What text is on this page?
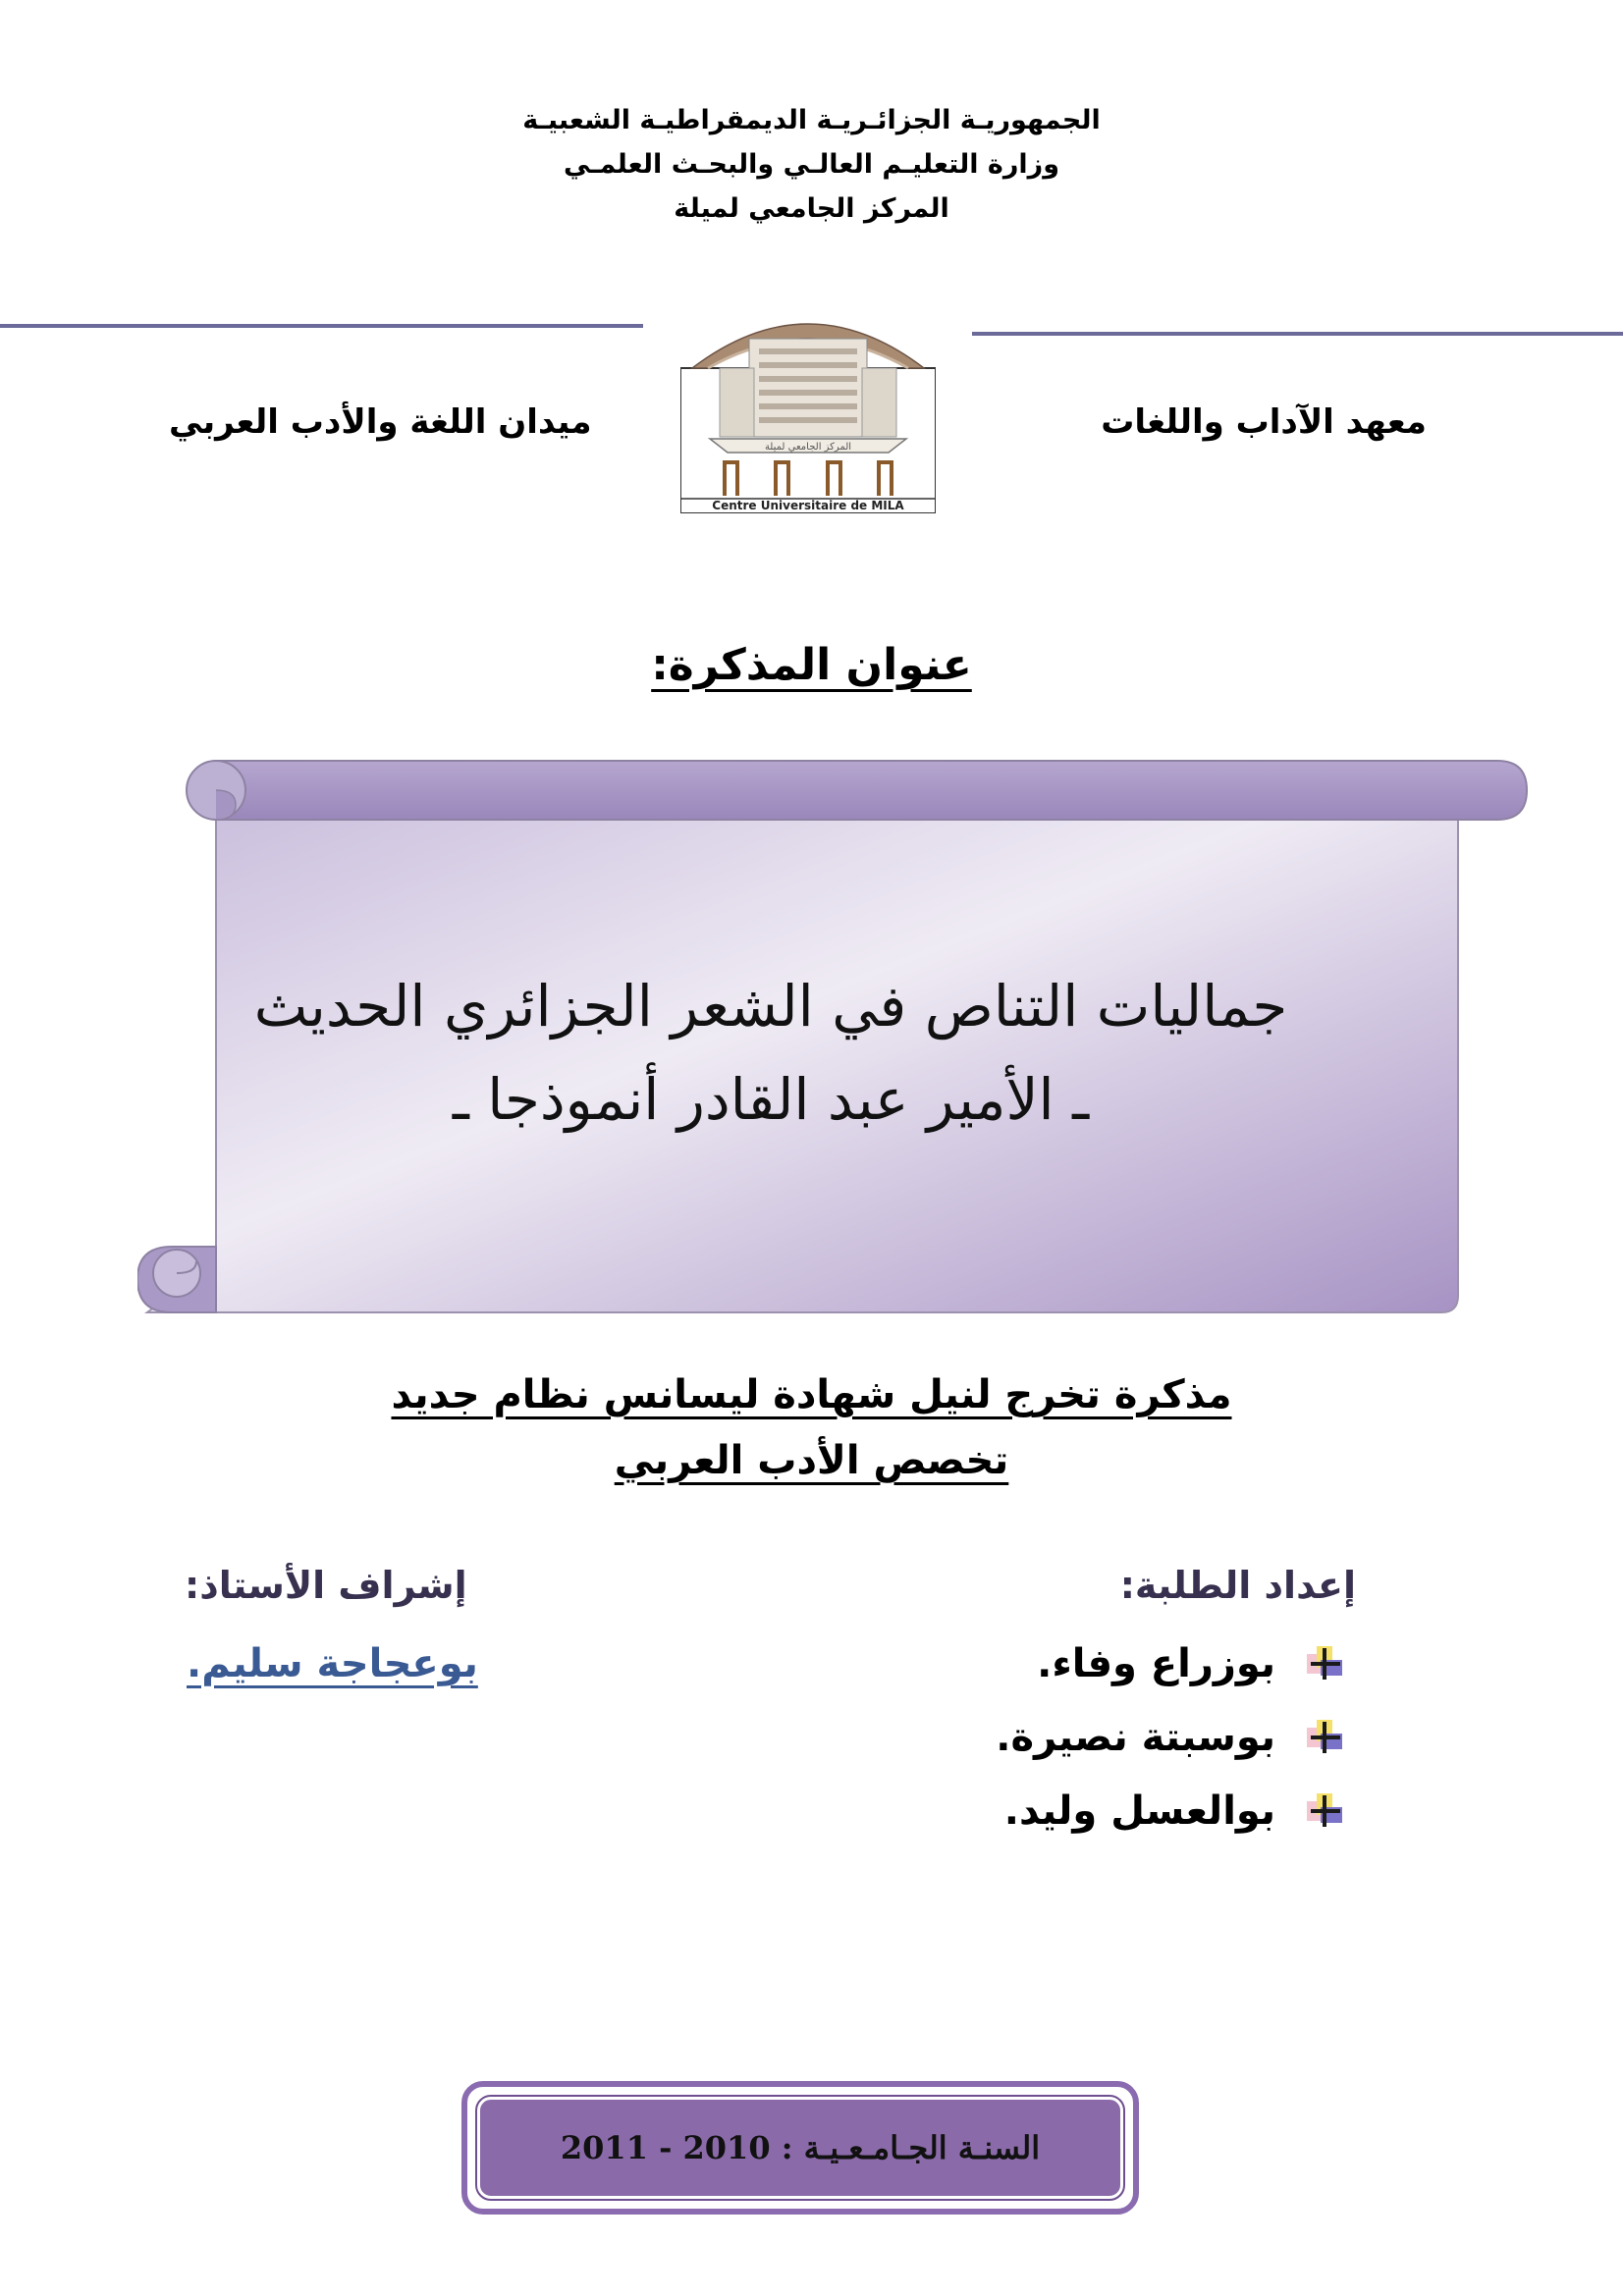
الجمهوريـة الجزائـريـة الديمقراطيـة الشعبيـة
وزارة التعليـم العالـي والبحـث العلمـي
المركز الجامعي لميلة
المركز الجامعي لميلة
Centre Universitaire de MILA
معهد الآداب واللغات
ميدان اللغة والأدب العربي
عنوان المذكرة:
جماليات التناص في الشعر الجزائري الحديث
ـ الأمير عبد القادر أنموذجا ـ
مذكرة تخرج لنيل شهادة ليسانس نظام جديد
تخصص الأدب العربي
إعداد الطلبة:
بوزراع وفاء.
بوسبتة نصيرة.
بوالعسل وليد.
إشراف الأستاذ:
بوعجاجة سليم.
السنـة الجـامـعـيـة : 2010 - 2011
